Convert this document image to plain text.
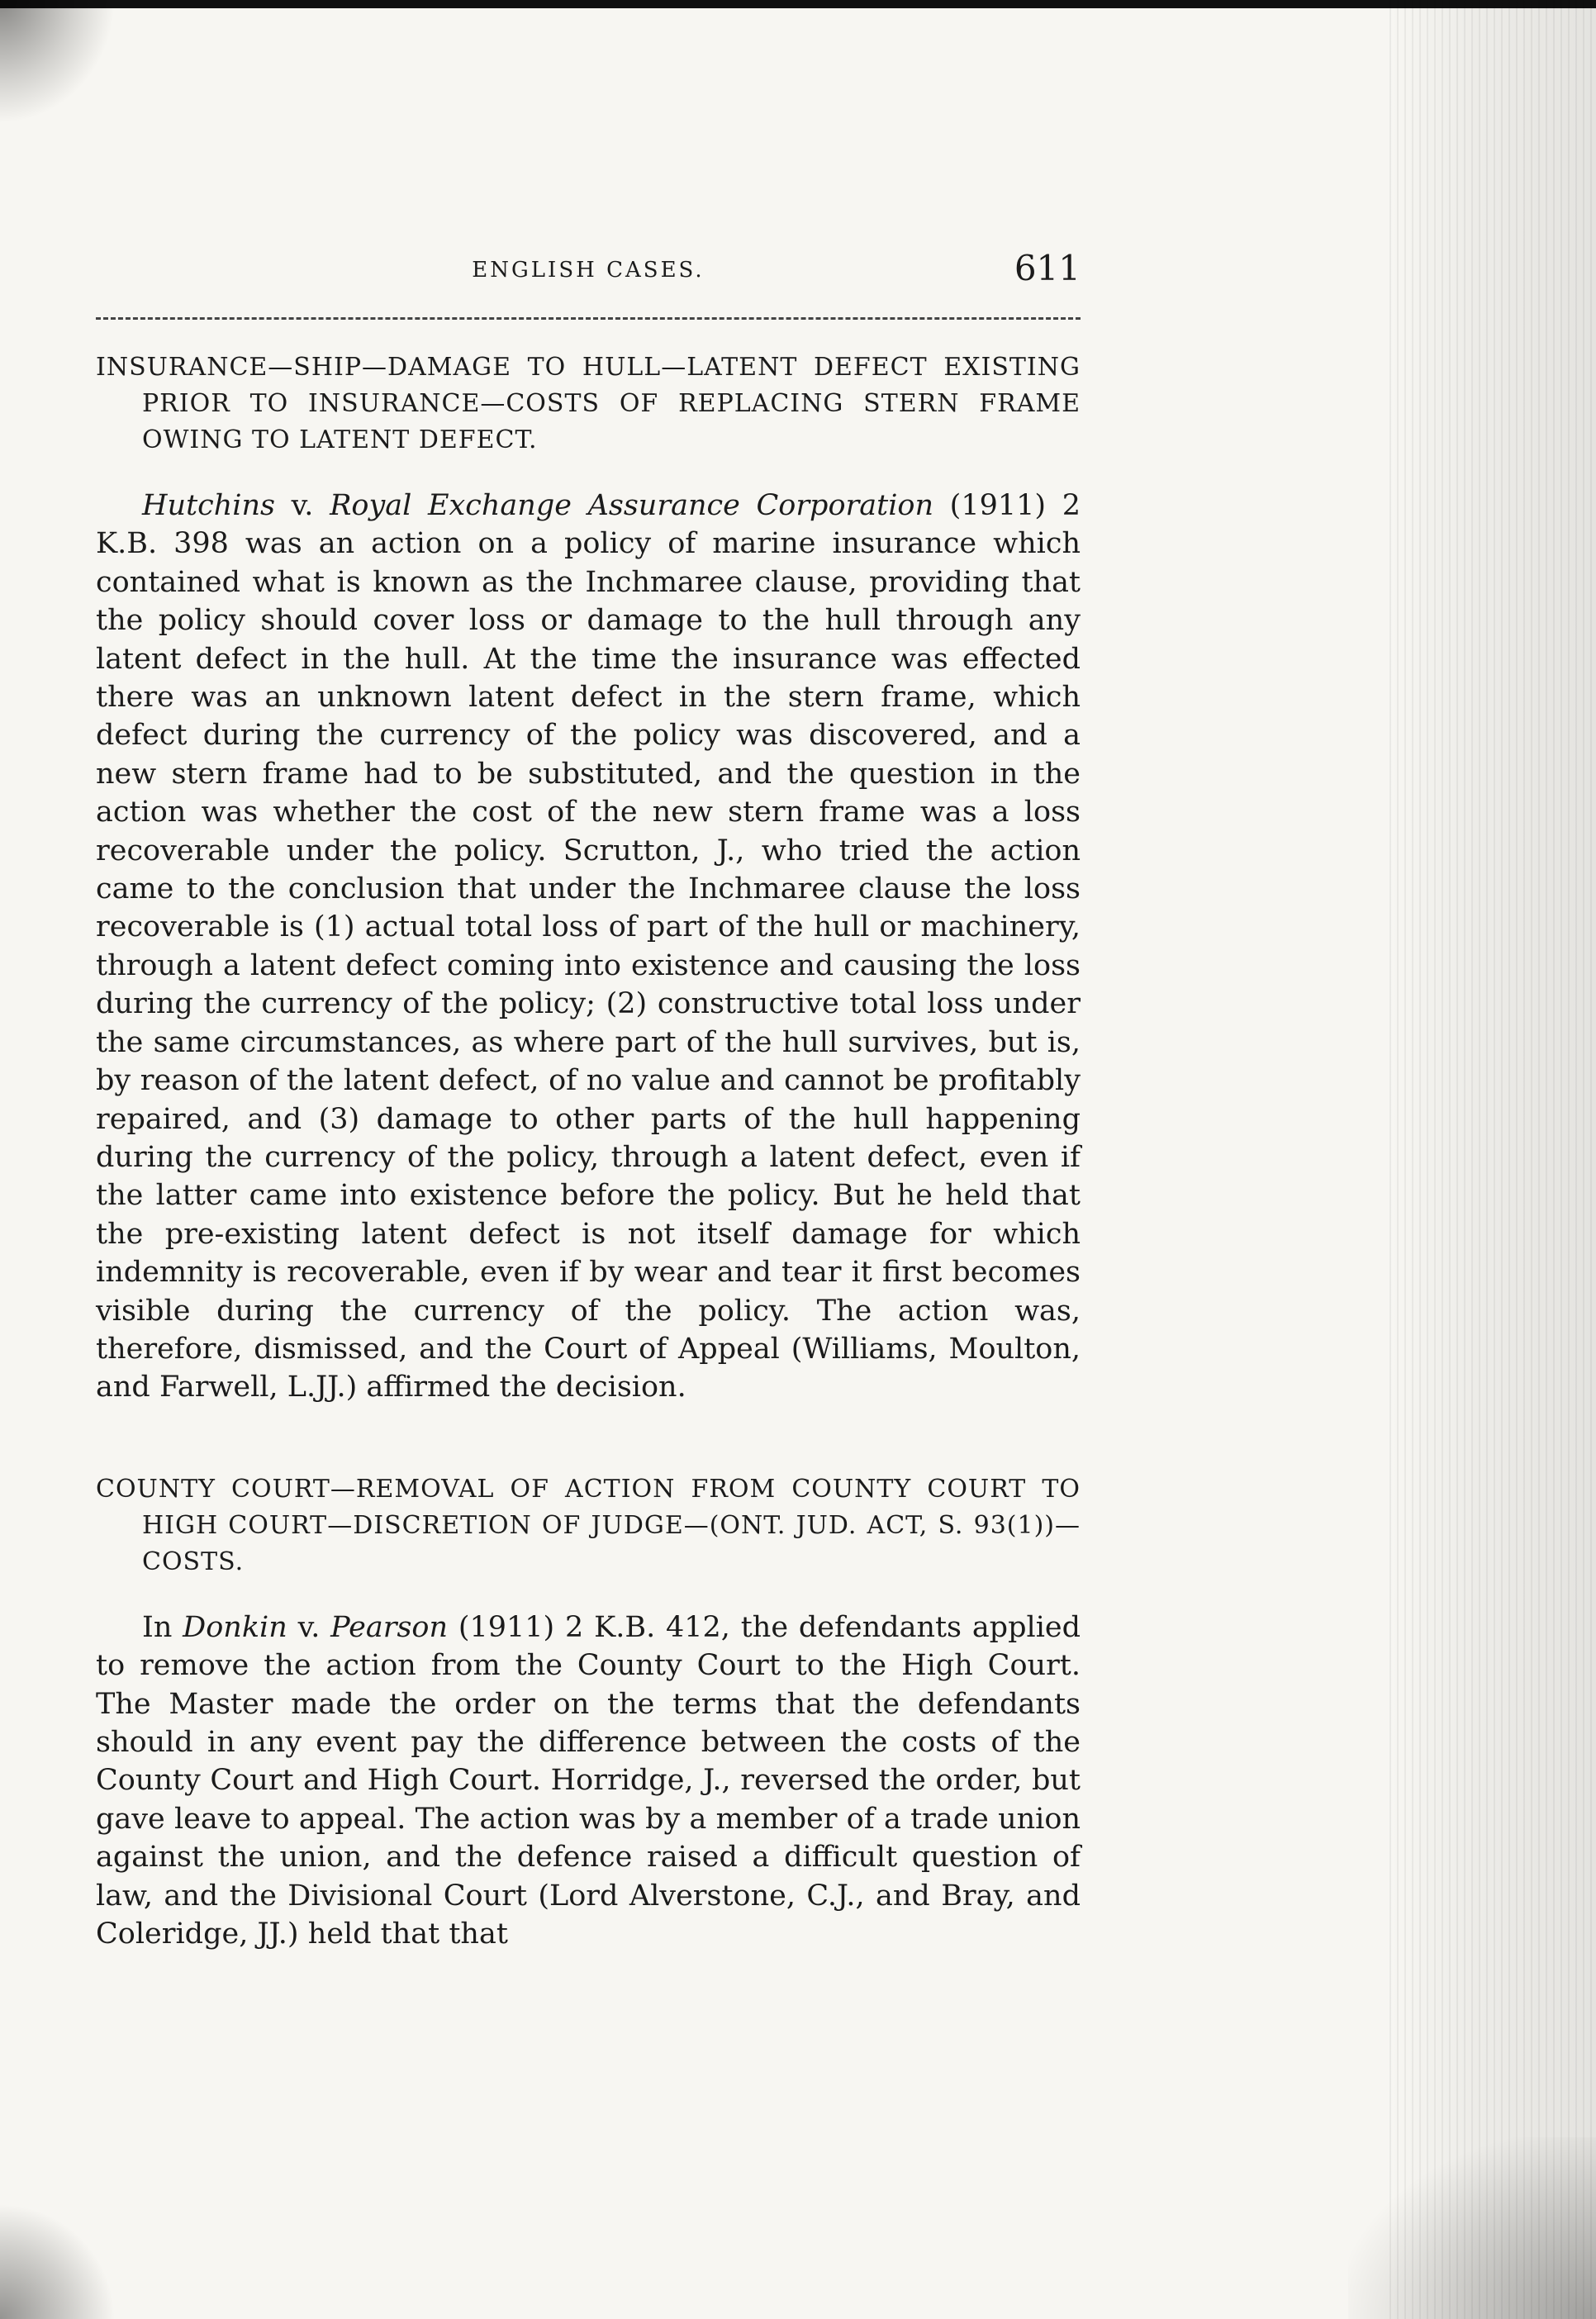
ENGLISH CASES.	611
INSURANCE—SHIP—DAMAGE TO HULL—LATENT DEFECT EXISTING PRIOR TO INSURANCE—COSTS OF REPLACING STERN FRAME OWING TO LATENT DEFECT.

Hutchins v. Royal Exchange Assurance Corporation (1911) 2 K.B. 398 was an action on a policy of marine insurance which contained what is known as the Inchmaree clause, providing that the policy should cover loss or damage to the hull through any latent defect in the hull. At the time the insurance was effected there was an unknown latent defect in the stern frame, which defect during the currency of the policy was discovered, and a new stern frame had to be substituted, and the question in the action was whether the cost of the new stern frame was a loss recoverable under the policy. Scrutton, J., who tried the action came to the conclusion that under the Inchmaree clause the loss recoverable is (1) actual total loss of part of the hull or machinery, through a latent defect coming into existence and causing the loss during the currency of the policy; (2) constructive total loss under the same circumstances, as where part of the hull survives, but is, by reason of the latent defect, of no value and cannot be profitably repaired, and (3) damage to other parts of the hull happening during the currency of the policy, through a latent defect, even if the latter came into existence before the policy. But he held that the pre-existing latent defect is not itself damage for which indemnity is recoverable, even if by wear and tear it first becomes visible during the currency of the policy. The action was, therefore, dismissed, and the Court of Appeal (Williams, Moulton, and Farwell, L.JJ.) affirmed the decision.

COUNTY COURT—REMOVAL OF ACTION FROM COUNTY COURT TO HIGH COURT—DISCRETION OF JUDGE—(ONT. JUD. ACT, S. 93(1))—COSTS.

In Donkin v. Pearson (1911) 2 K.B. 412, the defendants applied to remove the action from the County Court to the High Court. The Master made the order on the terms that the defendants should in any event pay the difference between the costs of the County Court and High Court. Horridge, J., reversed the order, but gave leave to appeal. The action was by a member of a trade union against the union, and the defence raised a difficult question of law, and the Divisional Court (Lord Alverstone, C.J., and Bray, and Coleridge, JJ.) held that that
